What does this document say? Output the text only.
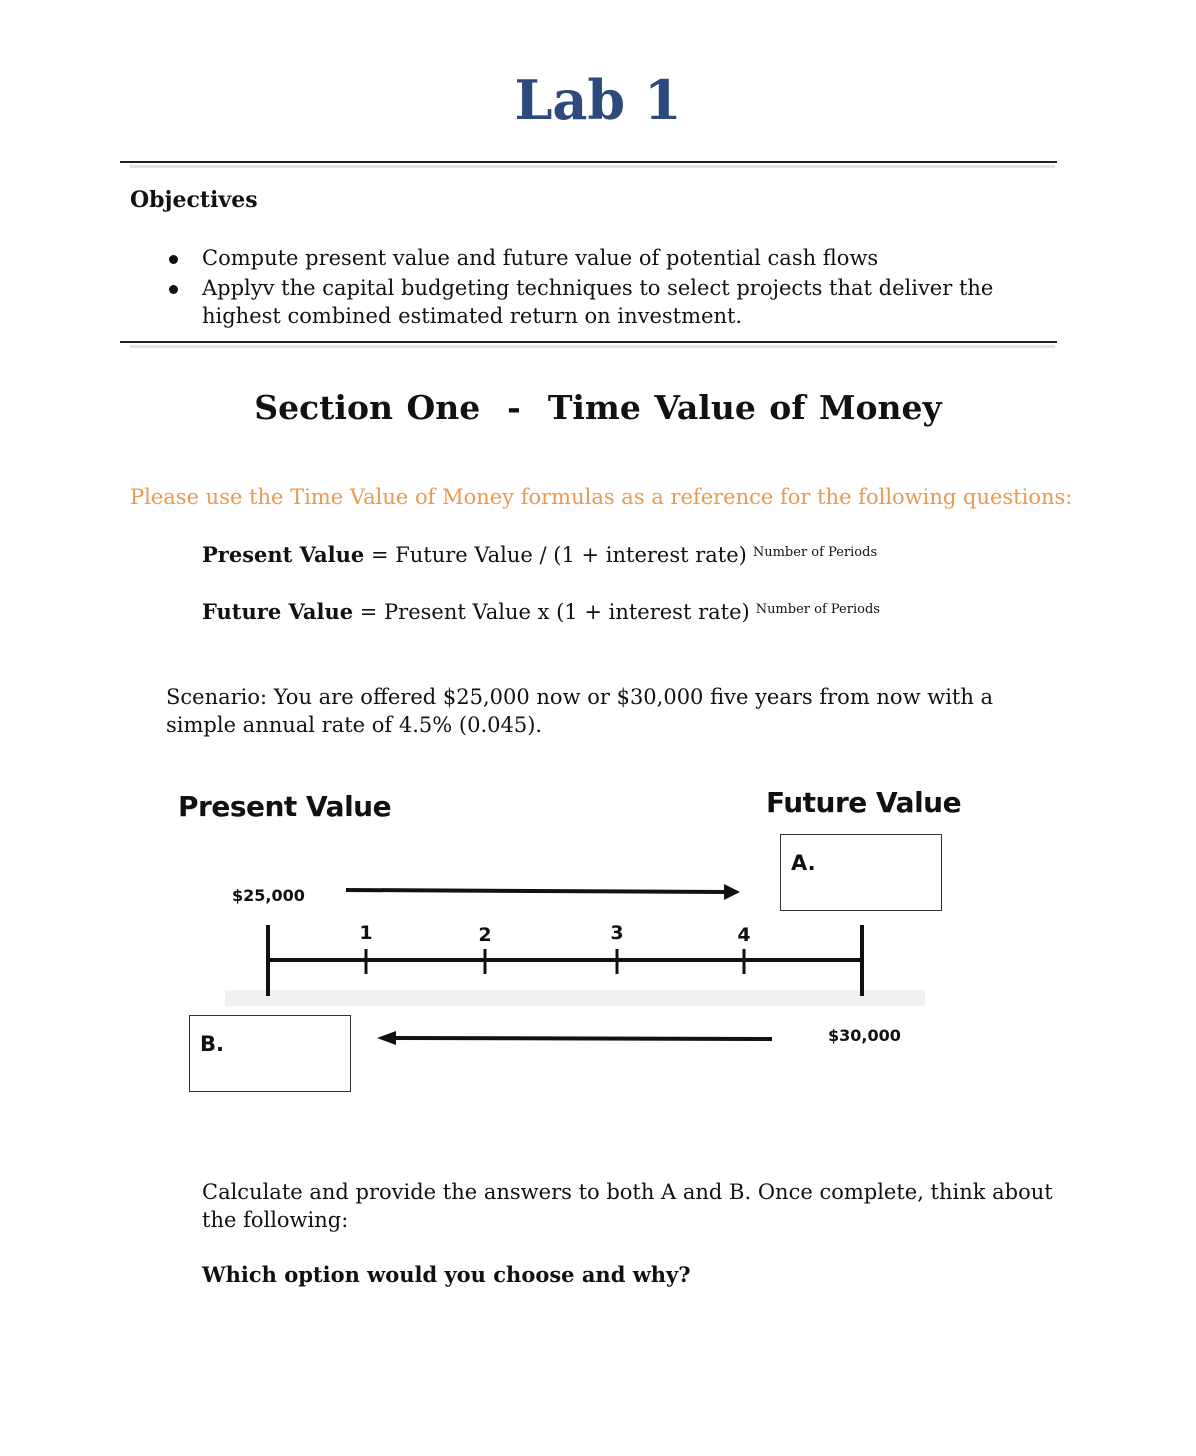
Lab 1
Objectives
Compute present value and future value of potential cash flows
Applyv the capital budgeting techniques to select projects that deliver the highest combined estimated return on investment.
Section One  -  Time Value of Money
Please use the Time Value of Money formulas as a reference for the following questions:
Present Value = Future Value / (1 + interest rate) $^{Number of Periods}$
Future Value = Present Value x (1 + interest rate) $^{Number of Periods}$
Scenario: You are offered $25,000 now or $30,000 five years from now with a simple annual rate of 4.5% (0.045).
Present Value	Future Value
A.
B.
$25,000
$30,000
1	2	3	4
Calculate and provide the answers to both A and B. Once complete, think about the following:
Which option would you choose and why?
